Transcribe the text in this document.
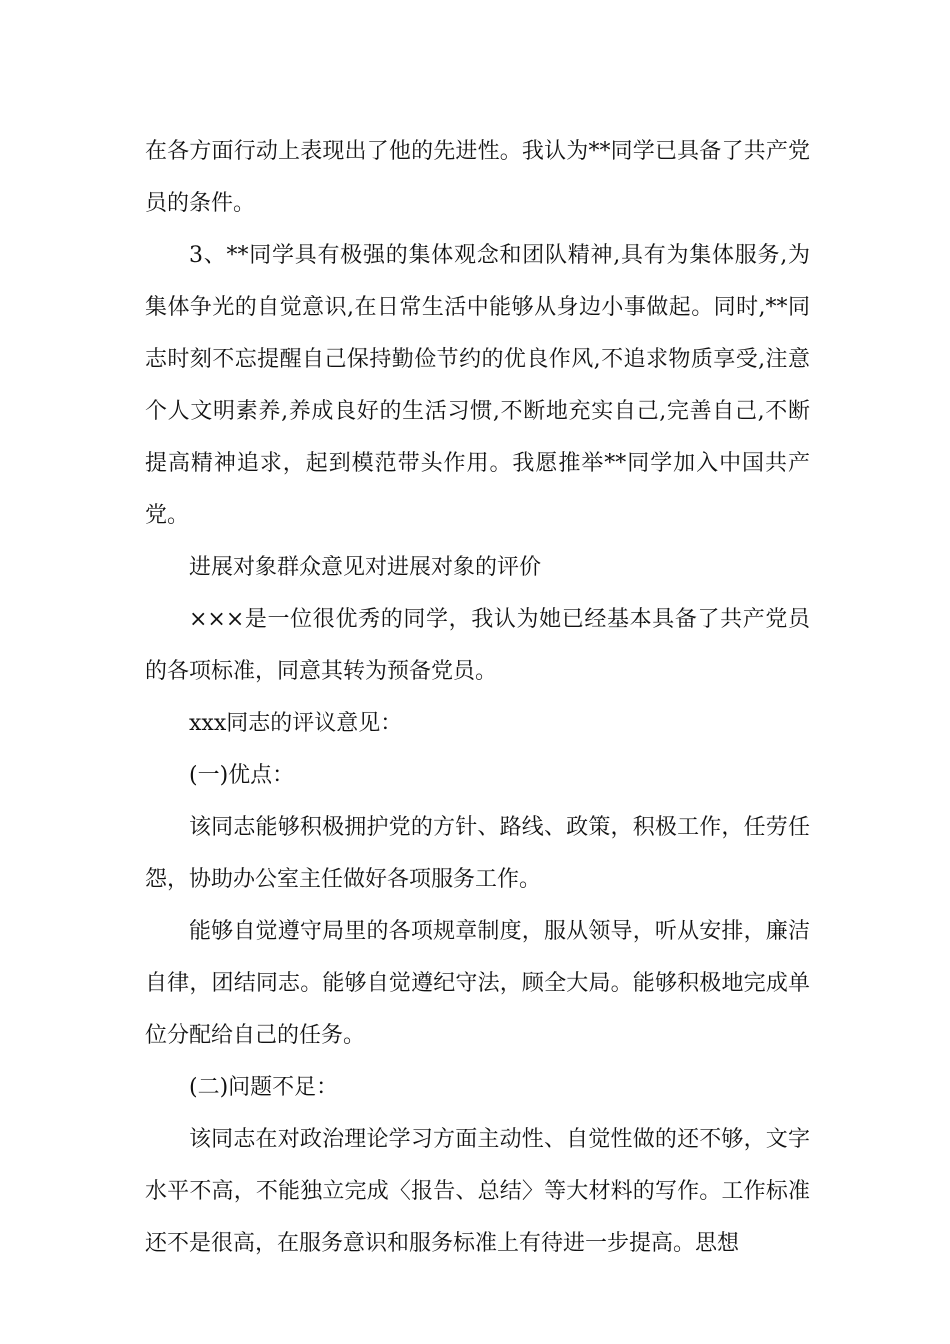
在各方面行动上表现出了他的先进性。我认为**同学已具备了共产党员的条件。

3、**同学具有极强的集体观念和团队精神,具有为集体服务,为集体争光的自觉意识,在日常生活中能够从身边小事做起。同时,**同志时刻不忘提醒自己保持勤俭节约的优良作风,不追求物质享受,注意个人文明素养,养成良好的生活习惯,不断地充实自己,完善自己,不断提高精神追求，起到模范带头作用。我愿推举**同学加入中国共产党。

进展对象群众意见对进展对象的评价

×××是一位很优秀的同学，我认为她已经基本具备了共产党员的各项标准，同意其转为预备党员。

xxx同志的评议意见：

(一)优点：

该同志能够积极拥护党的方针、路线、政策，积极工作，任劳任怨，协助办公室主任做好各项服务工作。

能够自觉遵守局里的各项规章制度，服从领导，听从安排，廉洁自律，团结同志。能够自觉遵纪守法，顾全大局。能够积极地完成单位分配给自己的任务。

(二)问题不足：

该同志在对政治理论学习方面主动性、自觉性做的还不够，文字水平不高，不能独立完成〈报告、总结〉等大材料的写作。工作标准还不是很高，在服务意识和服务标准上有待进一步提高。思想
